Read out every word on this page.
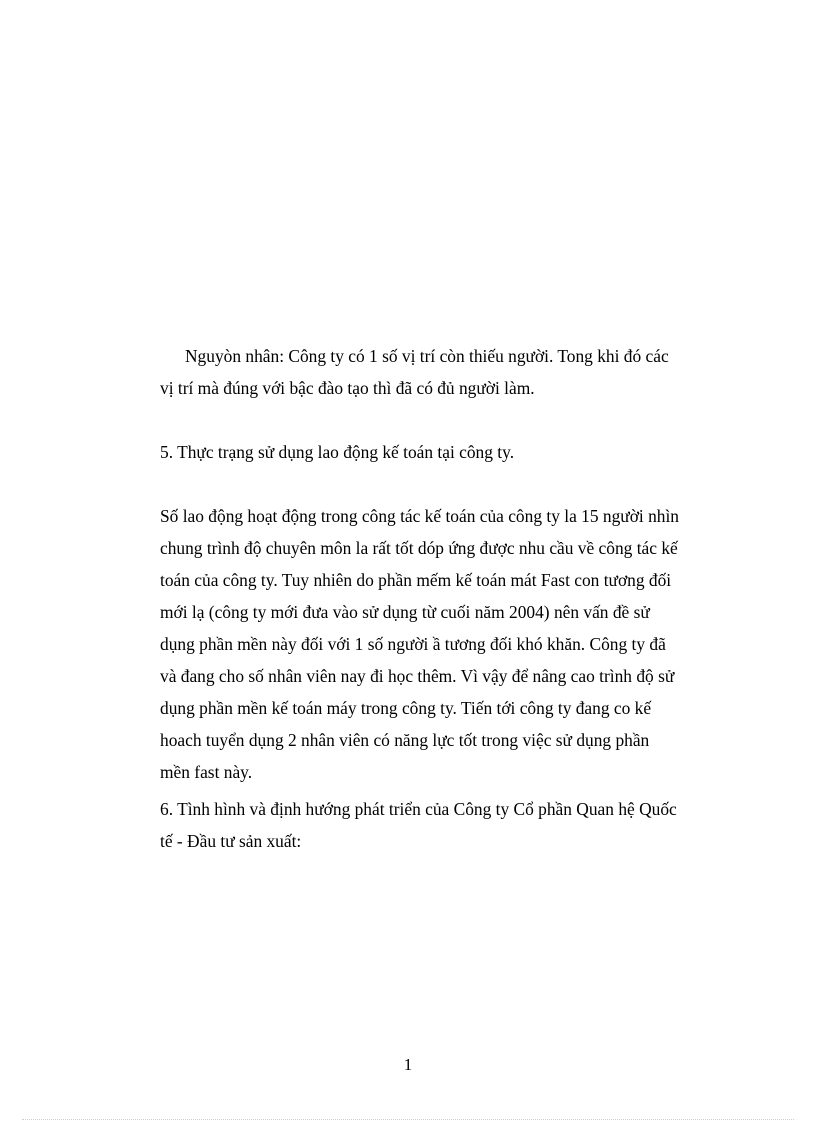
Nguyòn nhân: Công ty có 1 số vị trí còn thiếu người. Tong khi đó các
vị trí mà đúng với bậc đào tạo thì đã có đủ người làm.
5. Thực trạng sử dụng lao động kế toán tại công ty.
Số lao động hoạt động trong công tác kế toán của công ty la 15 người nhìn
chung trình độ chuyên môn la rất tốt dóp ứng được nhu cầu về công tác kế
toán của công ty. Tuy nhiên do phần mếm kế toán mát Fast con tương đối
mới lạ (công ty mới đưa vào sử dụng từ cuối năm 2004) nên vấn đề sử
dụng phần mền này đối với 1 số người ầ tương đối khó khăn. Công ty đã
và đang cho số nhân viên nay đi học thêm. Vì vậy để nâng cao trình độ sử
dụng phần mền kế toán máy trong công ty. Tiến tới công ty đang co kế
hoach tuyển dụng 2 nhân viên có năng lực tốt trong việc sử dụng phần
mền fast này.
6. Tình hình và định hướng phát triển của Công ty Cổ phần Quan hệ Quốc
tế - Đầu tư sản xuất:
1
